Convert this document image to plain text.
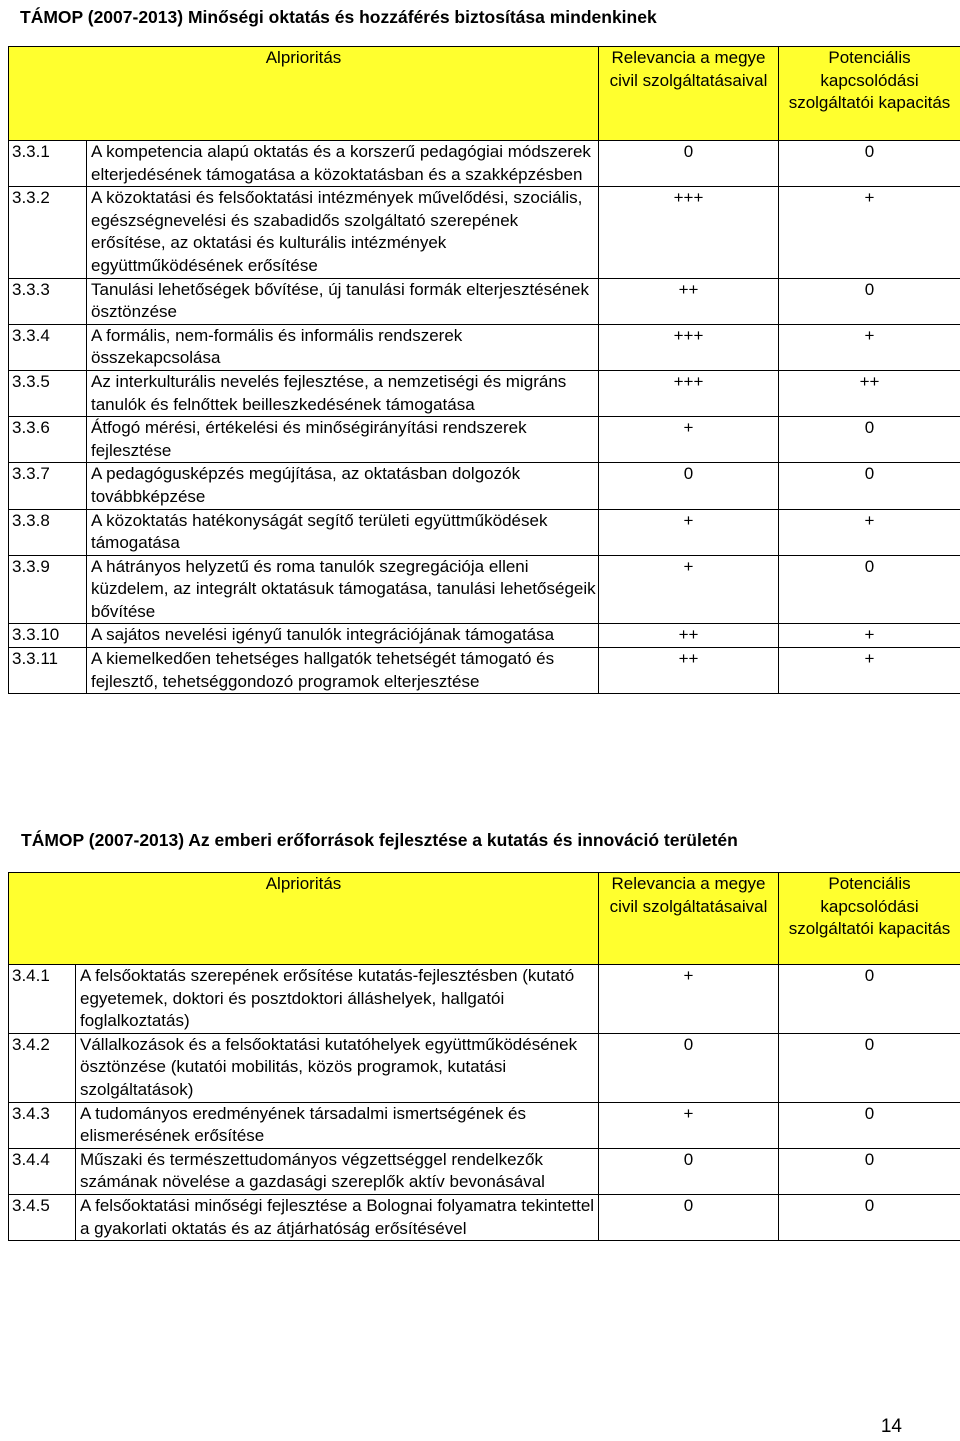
TÁMOP (2007-2013) Minőségi oktatás és hozzáférés biztosítása mindenkinek
Alprioritás		Relevancia a megye civil szolgáltatásaival	Potenciális kapcsolódási szolgáltatói kapacitás
3.3.1	A kompetencia alapú oktatás és a korszerű pedagógiai módszerek elterjedésének támogatása a közoktatásban és a szakképzésben	0	0
3.3.2	A közoktatási és felsőoktatási intézmények művelődési, szociális, egészségnevelési és szabadidős szolgáltató szerepének erősítése, az oktatási és kulturális intézmények együttműködésének erősítése	+++	+
3.3.3	Tanulási lehetőségek bővítése, új tanulási formák elterjesztésének ösztönzése	++	0
3.3.4	A formális, nem-formális és informális rendszerek összekapcsolása	+++	+
3.3.5	Az interkulturális nevelés fejlesztése, a nemzetiségi és migráns tanulók és felnőttek beilleszkedésének támogatása	+++	++
3.3.6	Átfogó mérési, értékelési és minőségirányítási rendszerek fejlesztése	+	0
3.3.7	A pedagógusképzés megújítása, az oktatásban dolgozók továbbképzése	0	0
3.3.8	A közoktatás hatékonyságát segítő területi együttműködések támogatása	+	+
3.3.9	A hátrányos helyzetű és roma tanulók szegregációja elleni küzdelem, az integrált oktatásuk támogatása, tanulási lehetőségeik bővítése	+	0
3.3.10	A sajátos nevelési igényű tanulók integrációjának támogatása	++	+
3.3.11	A kiemelkedően tehetséges hallgatók tehetségét támogató és fejlesztő, tehetséggondozó programok elterjesztése	++	+
TÁMOP (2007-2013) Az emberi erőforrások fejlesztése a kutatás és innováció területén
Alprioritás		Relevancia a megye civil szolgáltatásaival	Potenciális kapcsolódási szolgáltatói kapacitás
3.4.1	A felsőoktatás szerepének erősítése kutatás-fejlesztésben (kutató egyetemek, doktori és posztdoktori álláshelyek, hallgatói foglalkoztatás)	+	0
3.4.2	Vállalkozások és a felsőoktatási kutatóhelyek együttműködésének ösztönzése (kutatói mobilitás, közös programok, kutatási szolgáltatások)	0	0
3.4.3	A tudományos eredményének társadalmi ismertségének és elismerésének erősítése	+	0
3.4.4	Műszaki és természettudományos végzettséggel rendelkezők számának növelése a gazdasági szereplők aktív bevonásával	0	0
3.4.5	A felsőoktatási minőségi fejlesztése a Bolognai folyamatra tekintettel a gyakorlati oktatás és az átjárhatóság erősítésével	0	0
14
